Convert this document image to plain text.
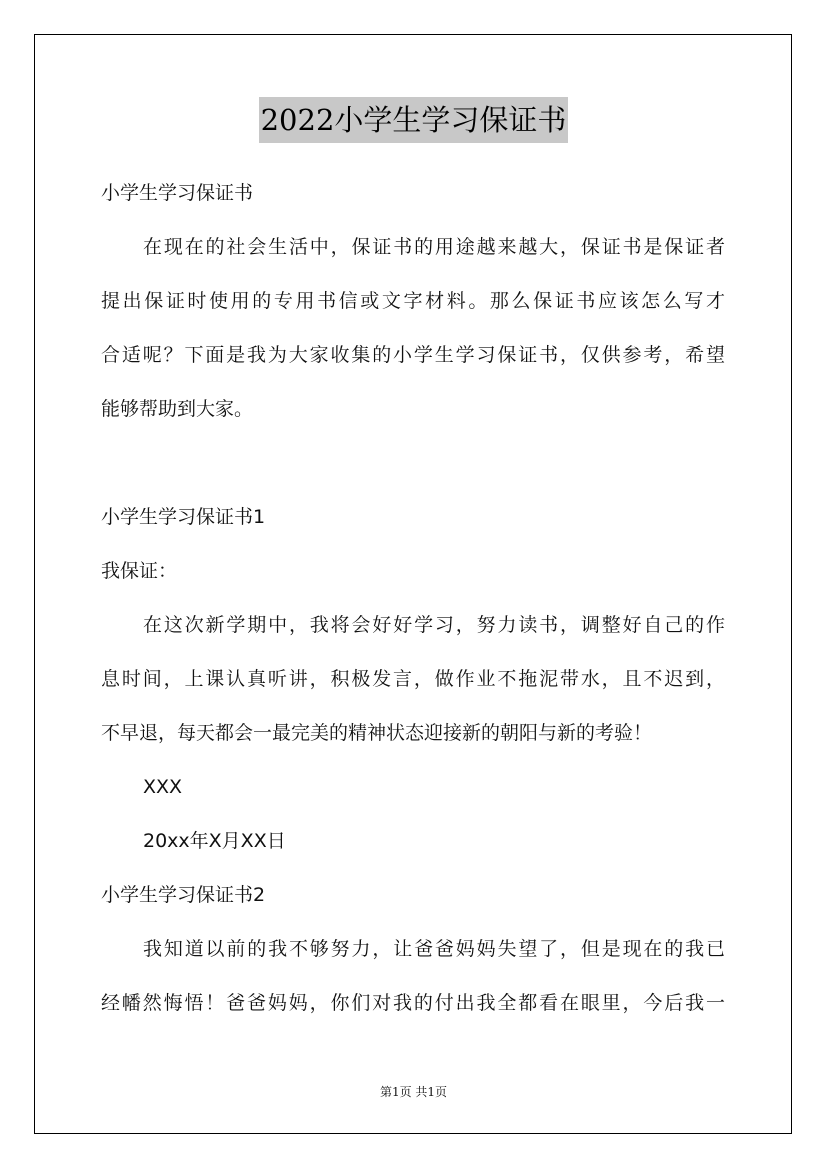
2022小学生学习保证书

小学生学习保证书

在现在的社会生活中，保证书的用途越来越大，保证书是保证者

提出保证时使用的专用书信或文字材料。那么保证书应该怎么写才

合适呢？下面是我为大家收集的小学生学习保证书，仅供参考，希望

能够帮助到大家。

小学生学习保证书1

我保证：

在这次新学期中，我将会好好学习，努力读书，调整好自己的作

息时间，上课认真听讲，积极发言，做作业不拖泥带水，且不迟到，

不早退，每天都会一最完美的精神状态迎接新的朝阳与新的考验！

XXX

20xx年X月XX日

小学生学习保证书2

我知道以前的我不够努力，让爸爸妈妈失望了，但是现在的我已

经幡然悔悟！爸爸妈妈，你们对我的付出我全都看在眼里，今后我一

第1页 共1页
